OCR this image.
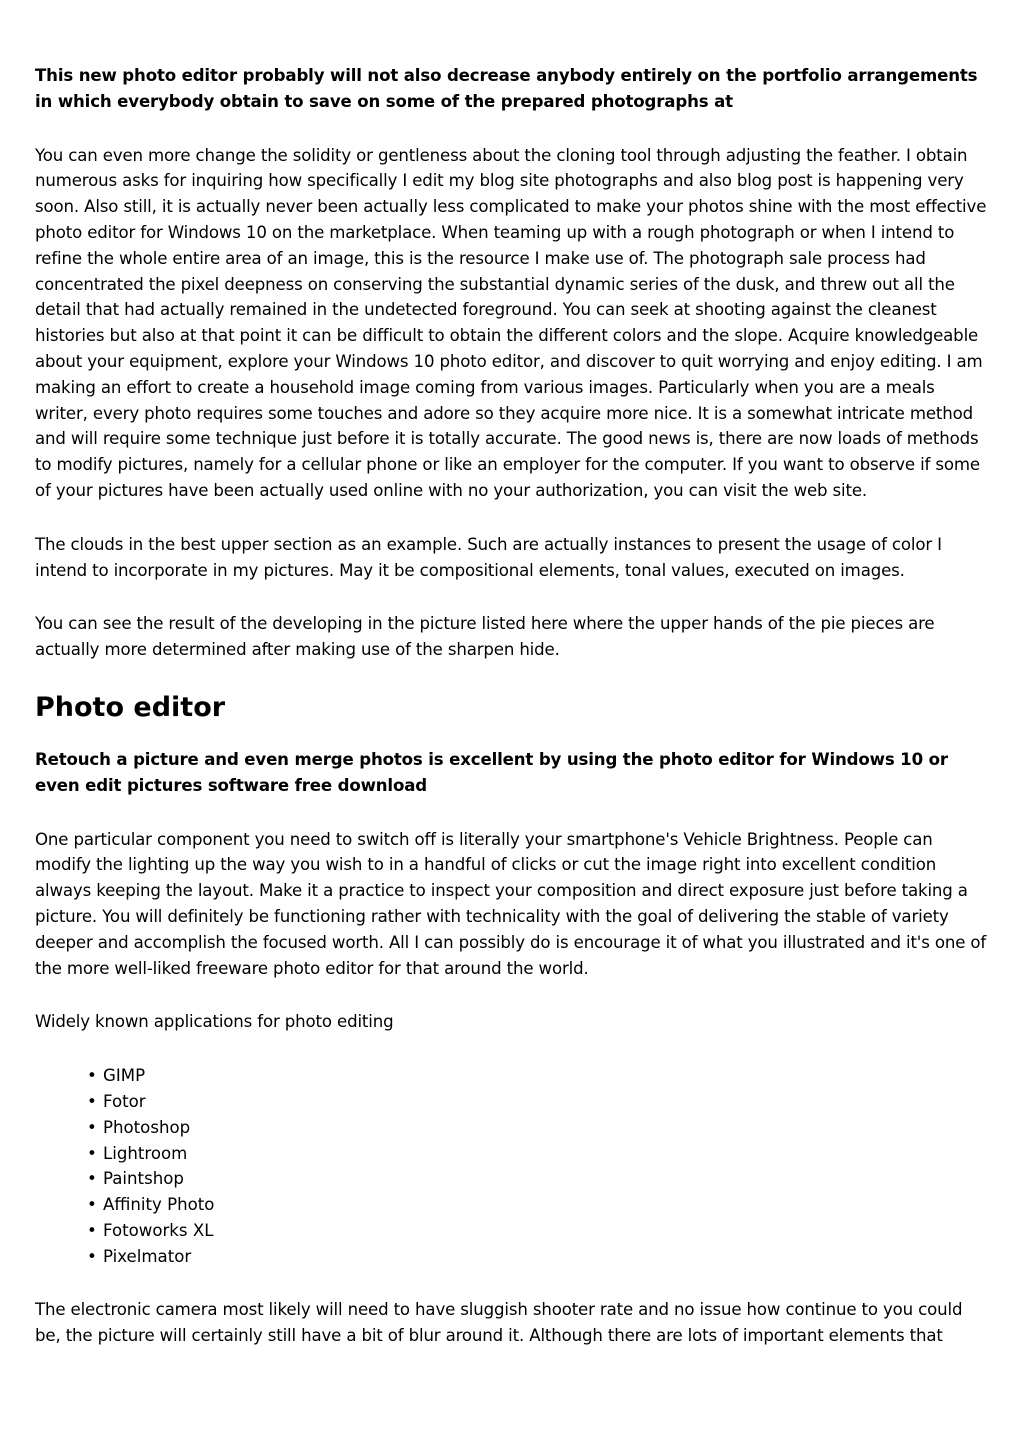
This new photo editor probably will not also decrease anybody entirely on the portfolio arrangements in which everybody obtain to save on some of the prepared photographs at

You can even more change the solidity or gentleness about the cloning tool through adjusting the feather. I obtain numerous asks for inquiring how specifically I edit my blog site photographs and also blog post is happening very soon. Also still, it is actually never been actually less complicated to make your photos shine with the most effective photo editor for Windows 10 on the marketplace. When teaming up with a rough photograph or when I intend to refine the whole entire area of an image, this is the resource I make use of. The photograph sale process had concentrated the pixel deepness on conserving the substantial dynamic series of the dusk, and threw out all the detail that had actually remained in the undetected foreground. You can seek at shooting against the cleanest histories but also at that point it can be difficult to obtain the different colors and the slope. Acquire knowledgeable about your equipment, explore your Windows 10 photo editor, and discover to quit worrying and enjoy editing. I am making an effort to create a household image coming from various images. Particularly when you are a meals writer, every photo requires some touches and adore so they acquire more nice. It is a somewhat intricate method and will require some technique just before it is totally accurate. The good news is, there are now loads of methods to modify pictures, namely for a cellular phone or like an employer for the computer. If you want to observe if some of your pictures have been actually used online with no your authorization, you can visit the web site.

The clouds in the best upper section as an example. Such are actually instances to present the usage of color I intend to incorporate in my pictures. May it be compositional elements, tonal values, executed on images.

You can see the result of the developing in the picture listed here where the upper hands of the pie pieces are actually more determined after making use of the sharpen hide.

Photo editor

Retouch a picture and even merge photos is excellent by using the photo editor for Windows 10 or even edit pictures software free download

One particular component you need to switch off is literally your smartphone's Vehicle Brightness. People can modify the lighting up the way you wish to in a handful of clicks or cut the image right into excellent condition always keeping the layout. Make it a practice to inspect your composition and direct exposure just before taking a picture. You will definitely be functioning rather with technicality with the goal of delivering the stable of variety deeper and accomplish the focused worth. All I can possibly do is encourage it of what you illustrated and it's one of the more well-liked freeware photo editor for that around the world.

Widely known applications for photo editing

• GIMP
• Fotor
• Photoshop
• Lightroom
• Paintshop
• Affinity Photo
• Fotoworks XL
• Pixelmator

The electronic camera most likely will need to have sluggish shooter rate and no issue how continue to you could be, the picture will certainly still have a bit of blur around it. Although there are lots of important elements that
